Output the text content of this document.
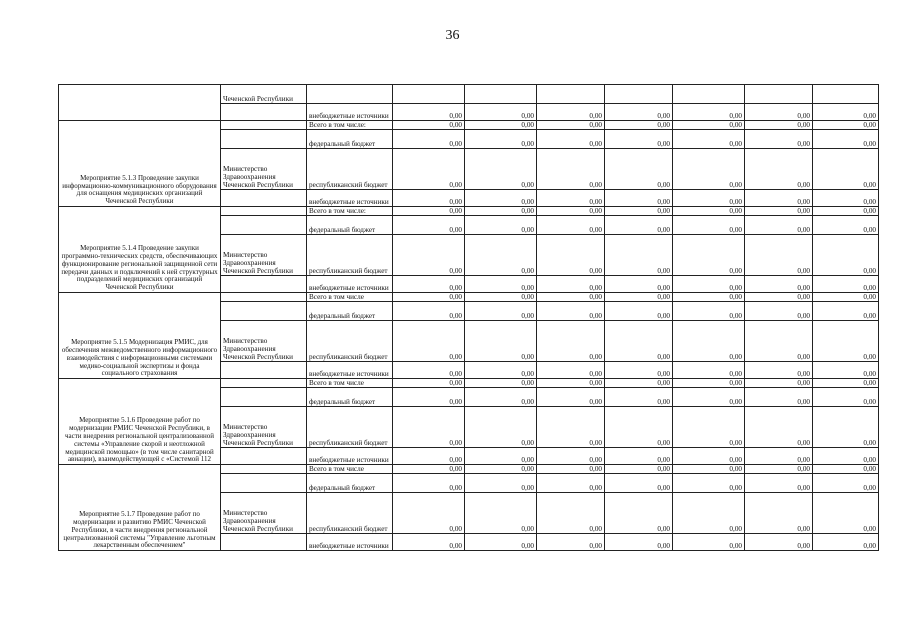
36
	Чеченской Республики								
		внебюджетные источники	0,00	0,00	0,00	0,00	0,00	0,00	0,00
Мероприятие 5.1.3 Проведение закупки информационно-коммуникационного оборудования для оснащения медицинских организаций Чеченской Республики		Всего в том числе:	0,00	0,00	0,00	0,00	0,00	0,00	0,00
		федеральный бюджет	0,00	0,00	0,00	0,00	0,00	0,00	0,00
	Министерство Здравоохранения Чеченской Республики	республиканский бюджет	0,00	0,00	0,00	0,00	0,00	0,00	0,00
		внебюджетные источники	0,00	0,00	0,00	0,00	0,00	0,00	0,00
Мероприятие 5.1.4 Проведение закупки программно-технических средств, обеспечивающих функционирование региональной защищенной сети передачи данных и подключений к ней структурных подразделений медицинских организаций Чеченской Республики		Всего в том числе:	0,00	0,00	0,00	0,00	0,00	0,00	0,00
		федеральный бюджет	0,00	0,00	0,00	0,00	0,00	0,00	0,00
	Министерство Здравоохранения Чеченской Республики	республиканский бюджет	0,00	0,00	0,00	0,00	0,00	0,00	0,00
		внебюджетные источники	0,00	0,00	0,00	0,00	0,00	0,00	0,00
Мероприятие 5.1.5 Модернизация РМИС, для обеспечения межведомственного информационного взаимодействия с информационными системами медико-социальной экспертизы и фонда социального страхования		Всего в том числе	0,00	0,00	0,00	0,00	0,00	0,00	0,00
		федеральный бюджет	0,00	0,00	0,00	0,00	0,00	0,00	0,00
	Министерство Здравоохранения Чеченской Республики	республиканский бюджет	0,00	0,00	0,00	0,00	0,00	0,00	0,00
		внебюджетные источники	0,00	0,00	0,00	0,00	0,00	0,00	0,00
Мероприятие 5.1.6 Проведение работ по модернизации РМИС Чеченской Республики, в части внедрения региональной централизованной системы «Управление скорой и неотложной медицинской помощью» (в том числе санитарной авиации), взаимодействующей с «Системой 112		Всего в том числе	0,00	0,00	0,00	0,00	0,00	0,00	0,00
		федеральный бюджет	0,00	0,00	0,00	0,00	0,00	0,00	0,00
	Министерство Здравоохранения Чеченской Республики	республиканский бюджет	0,00	0,00	0,00	0,00	0,00	0,00	0,00
		внебюджетные источники	0,00	0,00	0,00	0,00	0,00	0,00	0,00
Мероприятие 5.1.7 Проведение работ по модернизации и развитию РМИС Чеченской Республики, в части внедрения региональной централизованной системы "Управление льготным лекарственным обеспечением"		Всего в том числе	0,00	0,00	0,00	0,00	0,00	0,00	0,00
		федеральный бюджет	0,00	0,00	0,00	0,00	0,00	0,00	0,00
	Министерство Здравоохранения Чеченской Республики	республиканский бюджет	0,00	0,00	0,00	0,00	0,00	0,00	0,00
		внебюджетные источники	0,00	0,00	0,00	0,00	0,00	0,00	0,00
